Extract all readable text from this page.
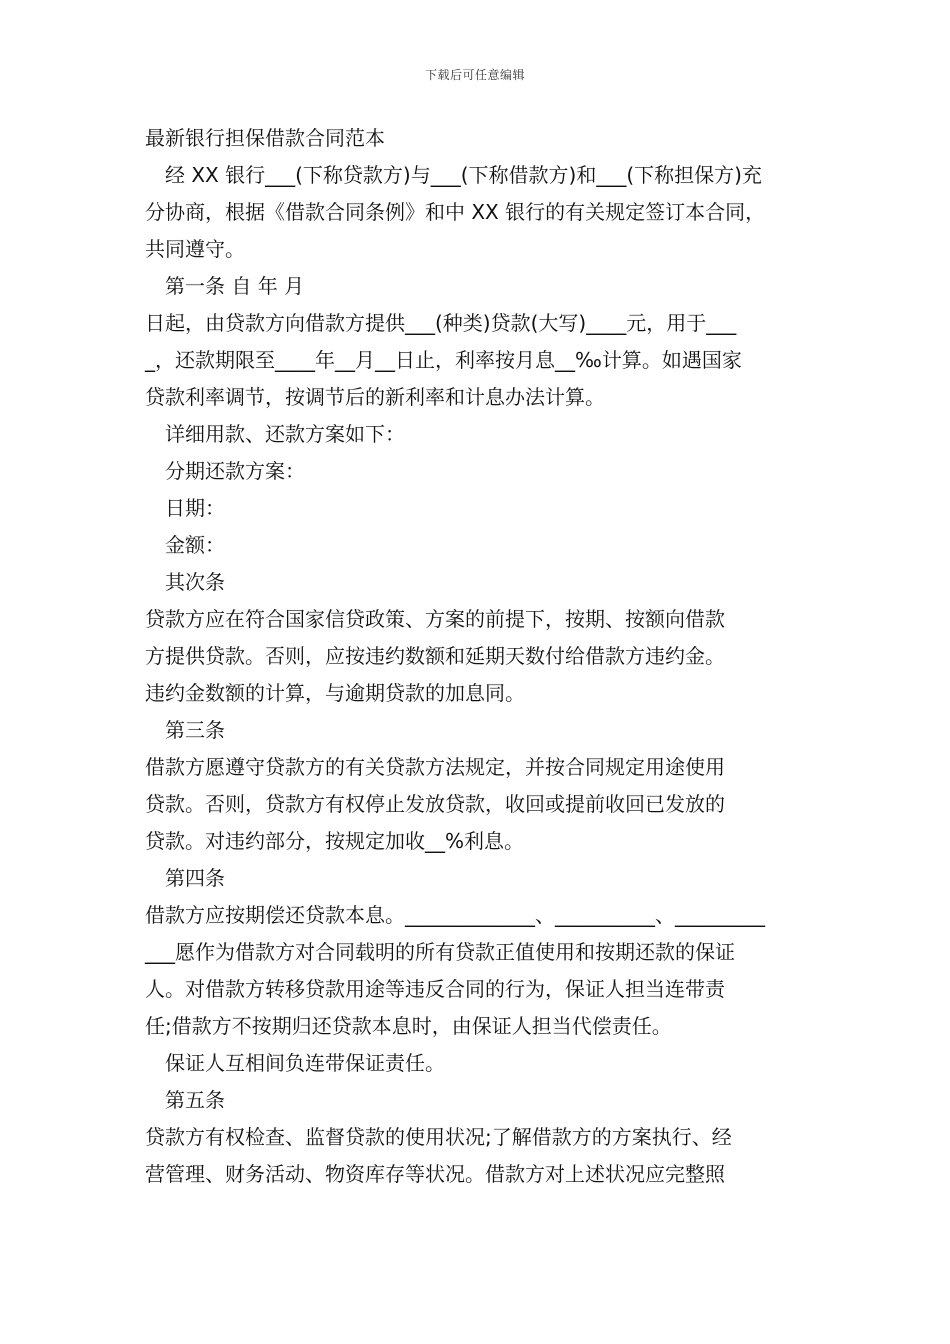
下载后可任意编辑

最新银行担保借款合同范本

经 XX 银行___(下称贷款方)与___(下称借款方)和___(下称担保方)充

分协商，根据《借款合同条例》和中 XX 银行的有关规定签订本合同，

共同遵守。

第一条 自 年 月

日起，由贷款方向借款方提供___(种类)贷款(大写)____元，用于___

_，还款期限至____年__月__日止，利率按月息__‰计算。如遇国家

贷款利率调节，按调节后的新利率和计息办法计算。

详细用款、还款方案如下：

分期还款方案：

日期：

金额：

其次条

贷款方应在符合国家信贷政策、方案的前提下，按期、按额向借款

方提供贷款。否则，应按违约数额和延期天数付给借款方违约金。

违约金数额的计算，与逾期贷款的加息同。

第三条

借款方愿遵守贷款方的有关贷款方法规定，并按合同规定用途使用

贷款。否则，贷款方有权停止发放贷款，收回或提前收回已发放的

贷款。对违约部分，按规定加收__%利息。

第四条

借款方应按期偿还贷款本息。_____________、__________、_________

___愿作为借款方对合同载明的所有贷款正值使用和按期还款的保证

人。对借款方转移贷款用途等违反合同的行为，保证人担当连带责

任;借款方不按期归还贷款本息时，由保证人担当代偿责任。

保证人互相间负连带保证责任。

第五条

贷款方有权检查、监督贷款的使用状况;了解借款方的方案执行、经

营管理、财务活动、物资库存等状况。借款方对上述状况应完整照
